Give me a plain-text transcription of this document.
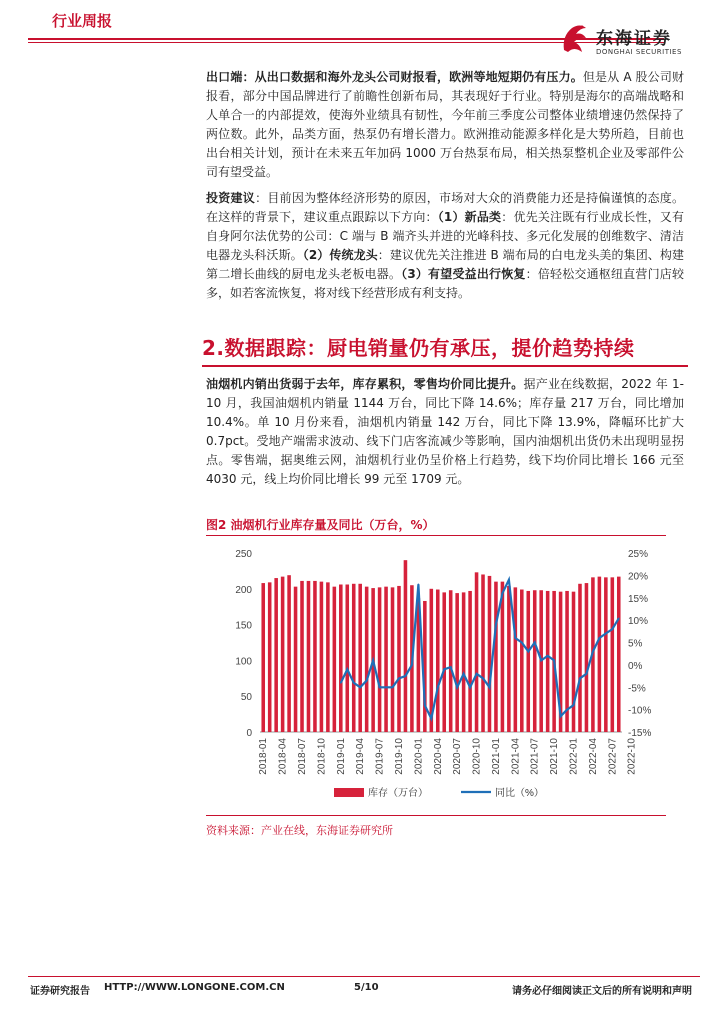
行业周报
东海证券
DONGHAI SECURITIES
出口端：从出口数据和海外龙头公司财报看，欧洲等地短期仍有压力。但是从 A 股公司财报看，部分中国品牌进行了前瞻性创新布局，其表现好于行业。特别是海尔的高端战略和人单合一的内部提效，使海外业绩具有韧性，今年前三季度公司整体业绩增速仍然保持了两位数。此外，品类方面，热泵仍有增长潜力。欧洲推动能源多样化是大势所趋，目前也出台相关计划，预计在未来五年加码 1000 万台热泵布局，相关热泵整机企业及零部件公司有望受益。
投资建议：目前因为整体经济形势的原因，市场对大众的消费能力还是持偏谨慎的态度。在这样的背景下，建议重点跟踪以下方向：（1）新品类：优先关注既有行业成长性，又有自身阿尔法优势的公司：C 端与 B 端齐头并进的光峰科技、多元化发展的创维数字、清洁电器龙头科沃斯。（2）传统龙头：建议优先关注推进 B 端布局的白电龙头美的集团、构建第二增长曲线的厨电龙头老板电器。（3）有望受益出行恢复：倍轻松交通枢纽直营门店较多，如若客流恢复，将对线下经营形成有利支持。
2.数据跟踪：厨电销量仍有承压，提价趋势持续
油烟机内销出货弱于去年，库存累积，零售均价同比提升。据产业在线数据，2022 年 1-10 月，我国油烟机内销量 1144 万台，同比下降 14.6%；库存量 217 万台，同比增加 10.4%。单 10 月份来看，油烟机内销量 142 万台，同比下降 13.9%，降幅环比扩大 0.7pct。受地产端需求波动、线下门店客流减少等影响，国内油烟机出货仍未出现明显拐点。零售端，据奥维云网，油烟机行业仍呈价格上行趋势，线下均价同比增长 166 元至 4030 元，线上均价同比增长 99 元至 1709 元。
图2 油烟机行业库存量及同比（万台，%）
0
50
100
150
200
250	25%
20%
15%
10%
5%
0%
-5%
-10%
-15%
2018-01 2018-04 2018-07 2018-10 2019-01 2019-04 2019-07 2019-10 2020-01 2020-04 2020-07 2020-10 2021-01 2021-04 2021-07 2021-10 2022-01 2022-04 2022-07 2022-10
库存（万台）	同比（%）
资料来源：产业在线，东海证券研究所
证券研究报告 HTTP://WWW.LONGONE.COM.CN	5/10	请务必仔细阅读正文后的所有说明和声明
